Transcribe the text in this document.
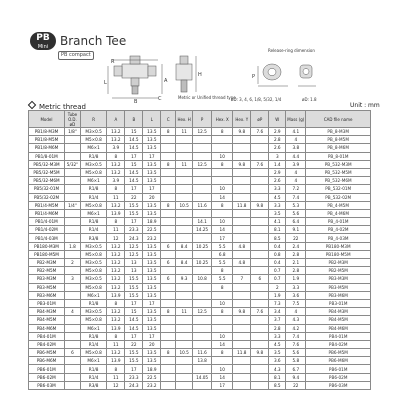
PB
Mini Branch Tee
PB compact
R
B	C
A
L
H	P
Release-ring dimension
Metric or Unified thread type
øD: 3, 4, 6, 1/8, 5/32, 1/4	øD: 1.8
Metric thread	Unit : mm
Model	Tube O.D. øD	R	A	B	L	C	Hex. H	P	Hex. X	Hex. Y	øP	W	Mass (g)	CAD file name
PB1/8-M3M	1/8"	M3×0.5	13.2	15	13.5	8	11	12.5	8	9.8	7.6	2.9	4.1	PB_8-M3M
PB1/8-M5M		M5×0.8	13.2	14.5	13.5							2.8	4	PB_8-M5M
PB1/8-M6M		M6×1	3.9	14.5	13.5							2.6	3.8	PB_8-M6M
PB1/8-01M		R1/8	8	17	17				10			3	4.4	PB_8-01M
PB5/32-M3M	5/32"	M3×0.5	13.2	15	13.5	8	11	12.5	8	9.8	7.6	1.4	3.9	PB_532-M3M
PB5/32-M5M		M5×0.8	13.2	14.5	13.5							2.9	4	PB_532-M5M
PB5/32-M6M		M6×1	3.9	14.5	13.5							2.6	4	PB_532-M6M
PB5/32-01M		R1/8	8	17	17				10			3.3	7.2	PB_532-01M
PB5/32-02M		R1/4	11	22	20				14			4.5	7.4	PB_532-02M
PB1/4-M5M	1/4"	M5×0.8	13.2	15.5	13.5	8	10.5	11.6	8	11.8	9.8	3.3	5.3	PB_4-M5M
PB1/4-M6M		M6×1	13.9	15.5	13.5							3.5	5.6	PB_4-M6M
PB1/4-01M		R1/8	8	17	18.9			14.1	10			4.1	6.4	PB_4-01M
PB1/4-02M		R1/4	11	23.3	22.5			14.25	14			8.1	9.1	PB_4-02M
PB1/4-03M		R3/8	12	24.3	23.2				17			8.5	22	PB_4-03M
PB180-M3M	1.8	M3×0.5	13.2	12.5	13.5	6	8.4	10.25	5.5	4.8		0.4	2.4	PB180-M3M
PB180-M5M		M5×0.8	13.2	12.5	13.5				6.8			0.8	2.8	PB180-M5M
PB2-M3M	2	M3×0.5	13.2	13	13.5	6	8.4	10.25	5.5	4.8		0.4	2.1	PB2-M3M
PB2-M5M		M5×0.8	13.2	13	13.5				8			0.7	2.8	PB2-M5M
PB3-M3M	3	M3×0.5	13.2	15.5	13.5	6	9.3	10.8	5.5	7	6	0.7	1.9	PB3-M3M
PB3-M5M		M5×0.8	13.2	15.5	13.5				8			2	3.3	PB3-M5M
PB3-M6M		M6×1	13.9	15.5	13.5							1.9	3.6	PB3-M6M
PB3-01M		R1/8	8	17	17				10			7.3	7.5	PB3-01M
PB4-M3M	4	M3×0.5	13.2	15	13.5	8	11	12.5	8	9.8	7.6	3.4	4	PB4-M3M
PB4-M5M		M5×0.8	13.2	14.5	13.5							3.7	4.3	PB4-M5M
PB4-M6M		M6×1	13.9	14.5	13.5							2.8	4.2	PB4-M6M
PB4-01M		R1/8	8	17	17				10			3.3	7.4	PB4-01M
PB4-02M		R1/4	11	22	20				14			4.5	7.6	PB4-02M
PB6-M5M	6	M5×0.8	13.2	15.5	13.5	8	10.5	11.6	8	11.8	9.8	3.5	5.6	PB6-M5M
PB6-M6M		M6×1	13.9	15.5	13.5			13.8				3.6	5.8	PB6-M6M
PB6-01M		R1/8	8	17	18.9				10			4.3	6.7	PB6-01M
PB6-02M		R1/4	11	23.3	22.5			14.05	14			8.1	9.4	PB6-02M
PB6-03M		R3/8	12	24.3	23.2				17			8.5	22	PB6-03M
